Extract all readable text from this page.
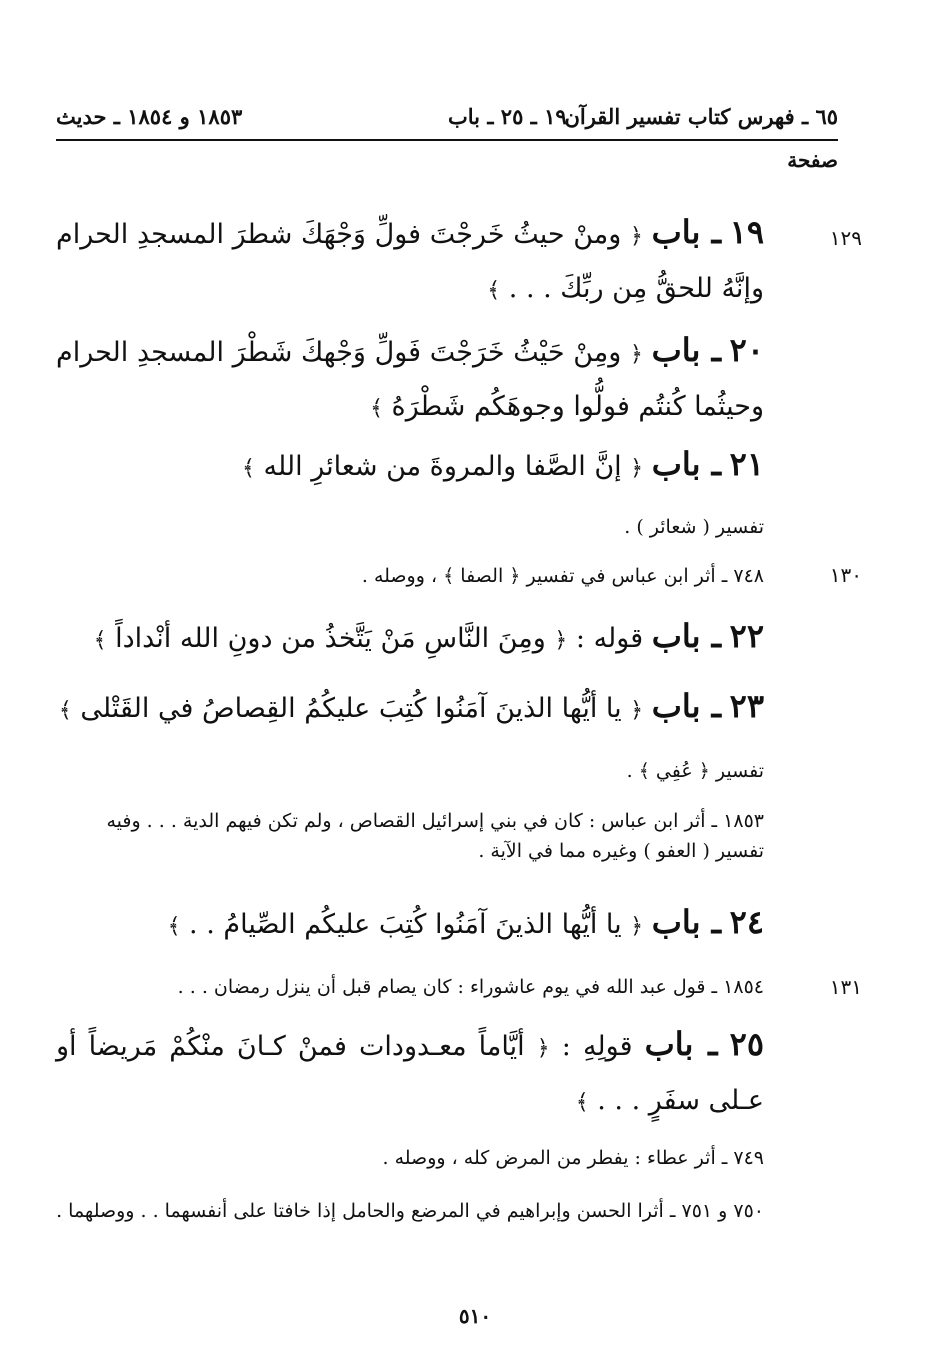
٦٥ ـ فهرس كتاب تفسير القرآن
١٩ ـ ٢٥ ـ باب
١٨٥٣ و ١٨٥٤ ـ حديث
صفحة
١٢٩
١٩ ـ باب ﴿ ومنْ حيثُ خَرجْتَ فولِّ وَجْهَكَ شطرَ المسجدِ الحرام وإنَّهُ للحقُّ مِن ربِّكَ . . . ﴾
٢٠ ـ باب ﴿ ومِنْ حَيْثُ خَرَجْتَ فَولِّ وَجْهكَ شَطْرَ المسجدِ الحرام وحيثُما كُنتُم فولُّوا وجوهَكُم شَطْرَهُ ﴾
٢١ ـ باب ﴿ إنَّ الصَّفا والمروةَ من شعائرِ الله ﴾
تفسير ( شعائر ) .
١٣٠
٧٤٨ ـ أثر ابن عباس في تفسير ﴿ الصفا ﴾ ، ووصله .
٢٢ ـ باب قوله : ﴿ ومِنَ النَّاسِ مَنْ يَتَّخذُ من دونِ الله أنْداداً ﴾
٢٣ ـ باب ﴿ يا أيُّها الذينَ آمَنُوا كُتِبَ عليكُمُ القِصاصُ في القَتْلى ﴾
تفسير ﴿ عُفِي ﴾ .
١٨٥٣ ـ أثر ابن عباس : كان في بني إسرائيل القصاص ، ولم تكن فيهم الدية . . . وفيه تفسير ( العفو ) وغيره مما في الآية .
٢٤ ـ باب ﴿ يا أيُّها الذينَ آمَنُوا كُتِبَ عليكُم الصِّيامُ . . ﴾
١٣١
١٨٥٤ ـ قول عبد الله في يوم عاشوراء : كان يصام قبل أن ينزل رمضان . . .
٢٥ ـ باب قولِهِ : ﴿ أيَّاماً معـدودات فمنْ كـانَ منْكُمْ مَريضاً أو عـلى سفَرٍ . . . ﴾
٧٤٩ ـ أثر عطاء : يفطر من المرض كله ، ووصله .
٧٥٠ و ٧٥١ ـ أثرا الحسن وإبراهيم في المرضع والحامل إذا خافتا على أنفسهما . . ووصلهما .
٥١٠
